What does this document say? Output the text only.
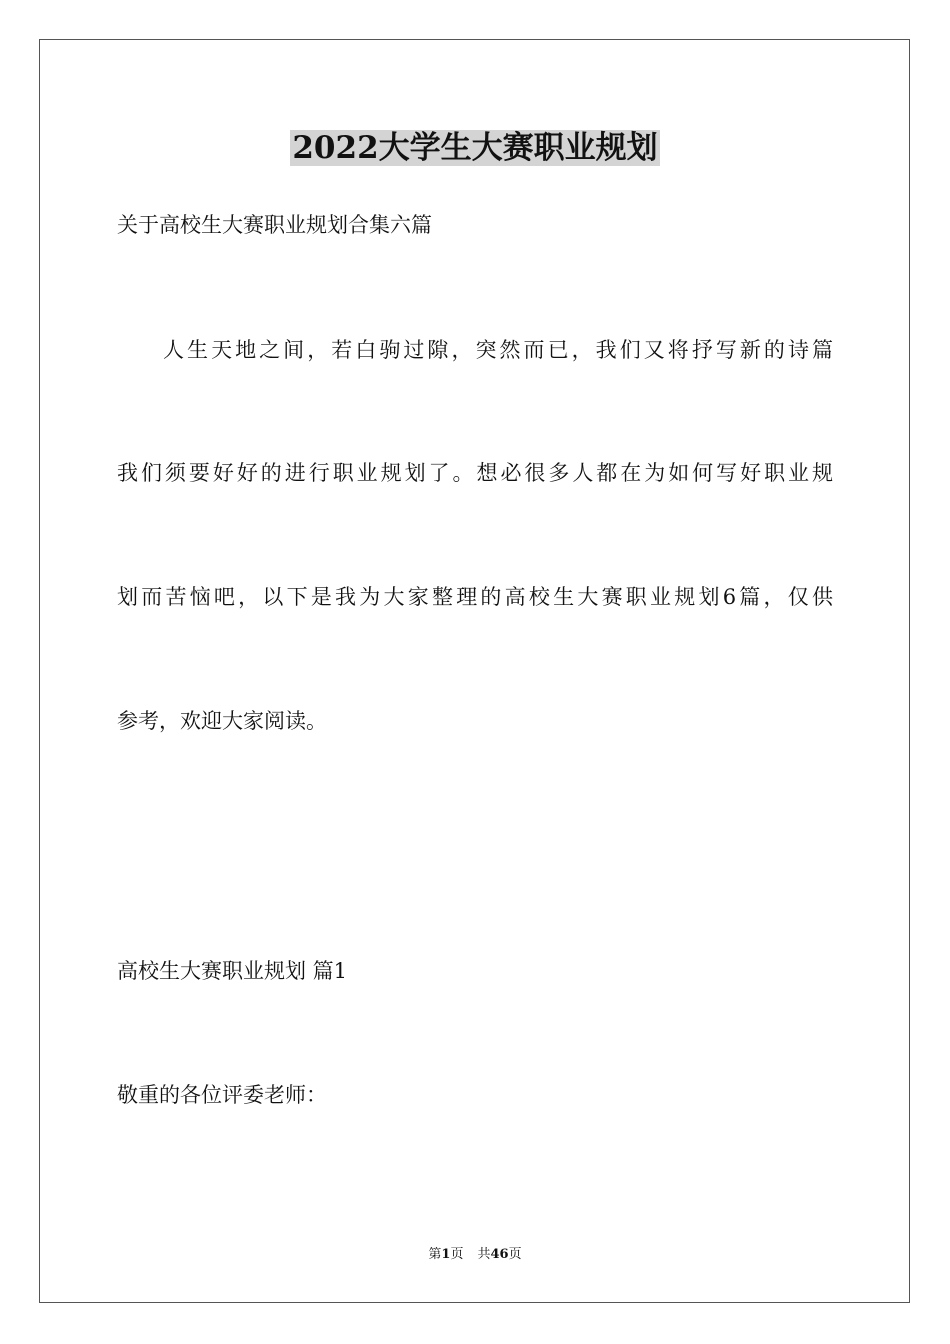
2022大学生大赛职业规划
关于高校生大赛职业规划合集六篇
人生天地之间，若白驹过隙，突然而已，我们又将抒写新的诗篇
我们须要好好的进行职业规划了。想必很多人都在为如何写好职业规
划而苦恼吧，以下是我为大家整理的高校生大赛职业规划6篇，仅供
参考，欢迎大家阅读。
高校生大赛职业规划 篇1
敬重的各位评委老师：
第1页 共46页
